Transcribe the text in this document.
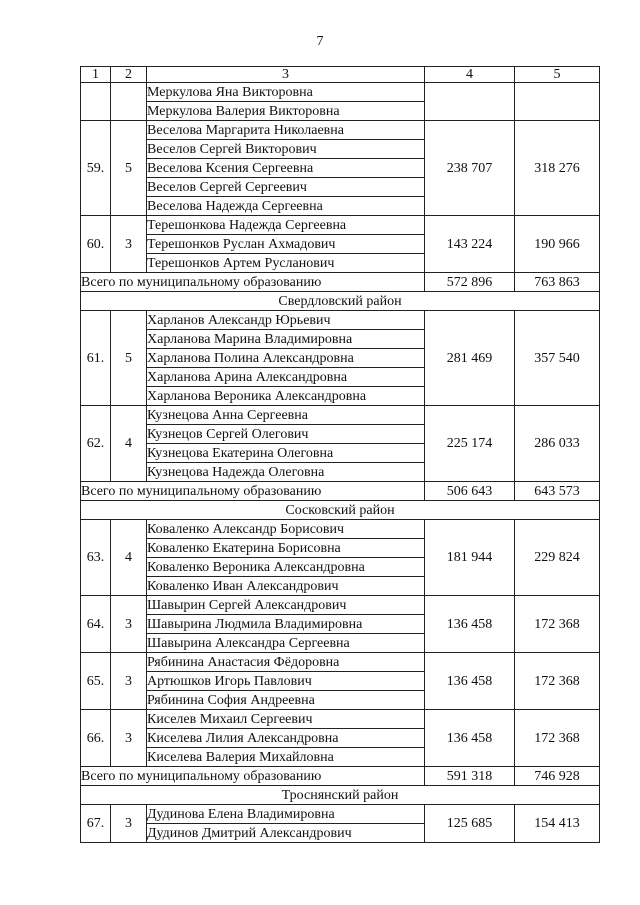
7
1	2	3	4	5
		Меркулова Яна Викторовна		
		Меркулова Валерия Викторовна		
59.	5	Веселова Маргарита Николаевна	238 707	318 276
		Веселов Сергей Викторович		
		Веселова Ксения Сергеевна		
		Веселов Сергей Сергеевич		
		Веселова Надежда Сергеевна		
60.	3	Терешонкова Надежда Сергеевна	143 224	190 966
		Терешонков Руслан Ахмадович		
		Терешонков Артем Русланович		
Всего по муниципальному образованию			572 896	763 863
Свердловский район				
61.	5	Харланов Александр Юрьевич	281 469	357 540
		Харланова Марина Владимировна		
		Харланова Полина Александровна		
		Харланова Арина Александровна		
		Харланова Вероника Александровна		
62.	4	Кузнецова Анна Сергеевна	225 174	286 033
		Кузнецов Сергей Олегович		
		Кузнецова Екатерина Олеговна		
		Кузнецова Надежда Олеговна		
Всего по муниципальному образованию			506 643	643 573
Сосковский район				
63.	4	Коваленко Александр Борисович	181 944	229 824
		Коваленко Екатерина Борисовна		
		Коваленко Вероника Александровна		
		Коваленко Иван Александрович		
64.	3	Шавырин Сергей Александрович	136 458	172 368
		Шавырина Людмила Владимировна		
		Шавырина Александра Сергеевна		
65.	3	Рябинина Анастасия Фёдоровна	136 458	172 368
		Артюшков Игорь Павлович		
		Рябинина София Андреевна		
66.	3	Киселев Михаил Сергеевич	136 458	172 368
		Киселева Лилия Александровна		
		Киселева Валерия Михайловна		
Всего по муниципальному образованию			591 318	746 928
Троснянский район				
67.	3	Дудинова Елена Владимировна	125 685	154 413
		Дудинов Дмитрий Александрович		
